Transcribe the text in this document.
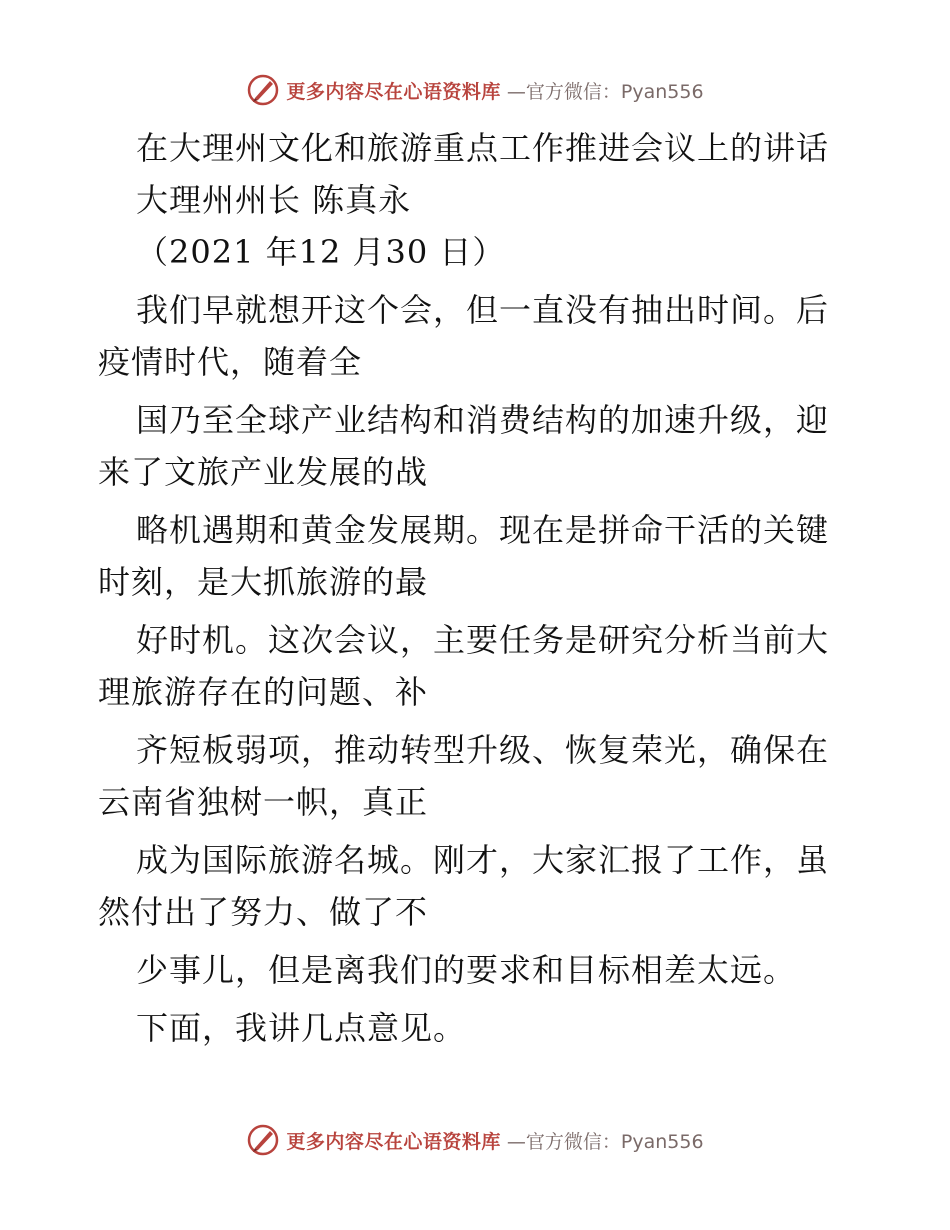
更多内容尽在心语资料库 —官方微信：Pyan556
在大理州文化和旅游重点工作推进会议上的讲话
大理州州长 陈真永
（2021 年12 月30 日）
我们早就想开这个会，但一直没有抽出时间。后
疫情时代，随着全
国乃至全球产业结构和消费结构的加速升级，迎
来了文旅产业发展的战
略机遇期和黄金发展期。现在是拼命干活的关键
时刻，是大抓旅游的最
好时机。这次会议，主要任务是研究分析当前大
理旅游存在的问题、补
齐短板弱项，推动转型升级、恢复荣光，确保在
云南省独树一帜，真正
成为国际旅游名城。刚才，大家汇报了工作，虽
然付出了努力、做了不
少事儿，但是离我们的要求和目标相差太远。
下面，我讲几点意见。
更多内容尽在心语资料库 —官方微信：Pyan556
